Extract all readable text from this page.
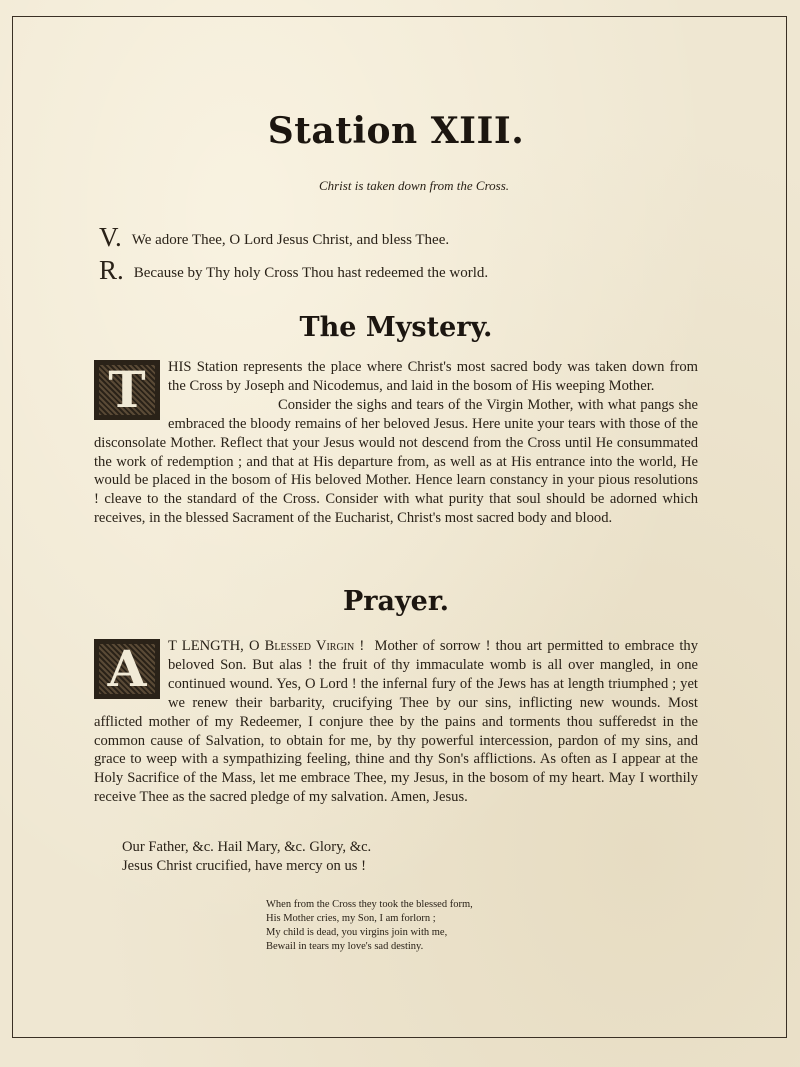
Station XIII.
Christ is taken down from the Cross.
V. We adore Thee, O Lord Jesus Christ, and bless Thee.
R. Because by Thy holy Cross Thou hast redeemed the world.
The Mystery.
T HIS Station represents the place where Christ's most sacred body was taken down from the Cross by Joseph and Nicodemus, and laid in the bosom of His weeping Mother.
Consider the sighs and tears of the Virgin Mother, with what pangs she embraced the bloody remains of her beloved Jesus. Here unite your tears with those of the disconsolate Mother. Reflect that your Jesus would not descend from the Cross until He consummated the work of redemption ; and that at His departure from, as well as at His entrance into the world, He would be placed in the bosom of His beloved Mother. Hence learn constancy in your pious resolutions ! cleave to the standard of the Cross. Consider with what purity that soul should be adorned which receives, in the blessed Sacrament of the Eucharist, Christ's most sacred body and blood.
Prayer.
A T LENGTH, O Blessed Virgin ! Mother of sorrow ! thou art permitted to embrace thy beloved Son. But alas ! the fruit of thy immaculate womb is all over mangled, in one continued wound. Yes, O Lord ! the infernal fury of the Jews has at length triumphed ; yet we renew their barbarity, crucifying Thee by our sins, inflicting new wounds. Most afflicted mother of my Redeemer, I conjure thee by the pains and torments thou sufferedst in the common cause of Salvation, to obtain for me, by thy powerful intercession, pardon of my sins, and grace to weep with a sympathizing feeling, thine and thy Son's afflictions. As often as I appear at the Holy Sacrifice of the Mass, let me embrace Thee, my Jesus, in the bosom of my heart. May I worthily receive Thee as the sacred pledge of my salvation. Amen, Jesus.
Our Father, &c. Hail Mary, &c. Glory, &c.
Jesus Christ crucified, have mercy on us !
When from the Cross they took the blessed form,
His Mother cries, my Son, I am forlorn ;
My child is dead, you virgins join with me,
Bewail in tears my love's sad destiny.
